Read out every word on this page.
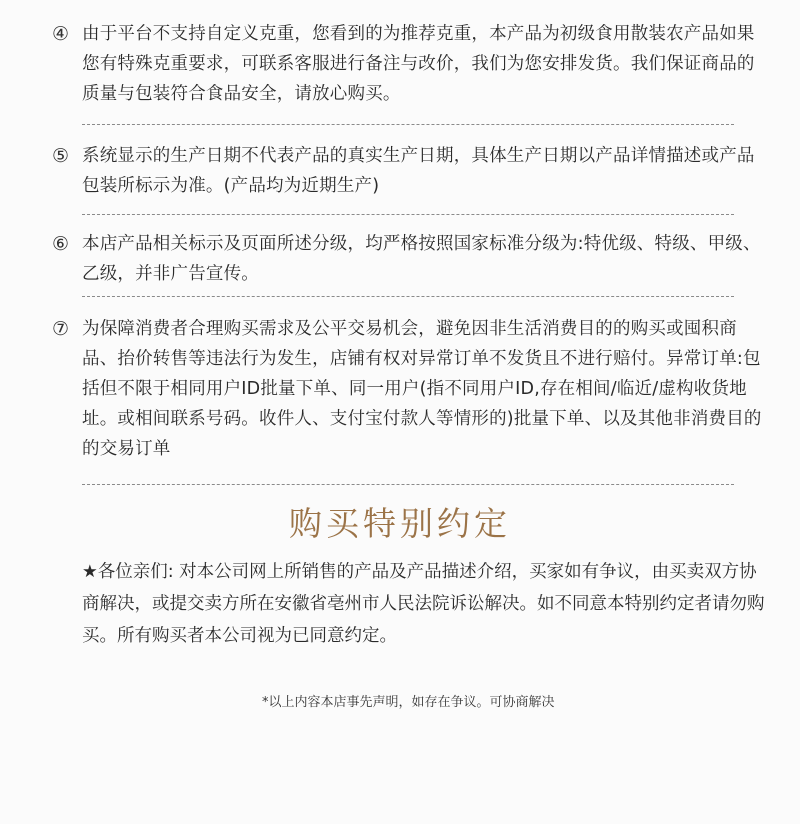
④ 由于平台不支持自定义克重，您看到的为推荐克重，本产品为初级食用散装农产品如果您有特殊克重要求，可联系客服进行备注与改价，我们为您安排发货。我们保证商品的质量与包装符合食品安全，请放心购买。
⑤ 系统显示的生产日期不代表产品的真实生产日期，具体生产日期以产品详情描述或产品包装所标示为准。(产品均为近期生产)
⑥ 本店产品相关标示及页面所述分级，均严格按照国家标准分级为:特优级、特级、甲级、乙级，并非广告宣传。
⑦ 为保障消费者合理购买需求及公平交易机会，避免因非生活消费目的的购买或囤积商品、抬价转售等违法行为发生，店铺有权对异常订单不发货且不进行赔付。异常订单:包括但不限于相同用户ID批量下单、同一用户(指不同用户ID,存在相间/临近/虚构收货地址。或相间联系号码。收件人、支付宝付款人等情形的)批量下单、以及其他非消费目的的交易订单
购买特别约定
★各位亲们: 对本公司网上所销售的产品及产品描述介绍，买家如有争议，由买卖双方协商解决，或提交卖方所在安徽省亳州市人民法院诉讼解决。如不同意本特别约定者请勿购买。所有购买者本公司视为已同意约定。
*以上内容本店事先声明，如存在争议。可协商解决
